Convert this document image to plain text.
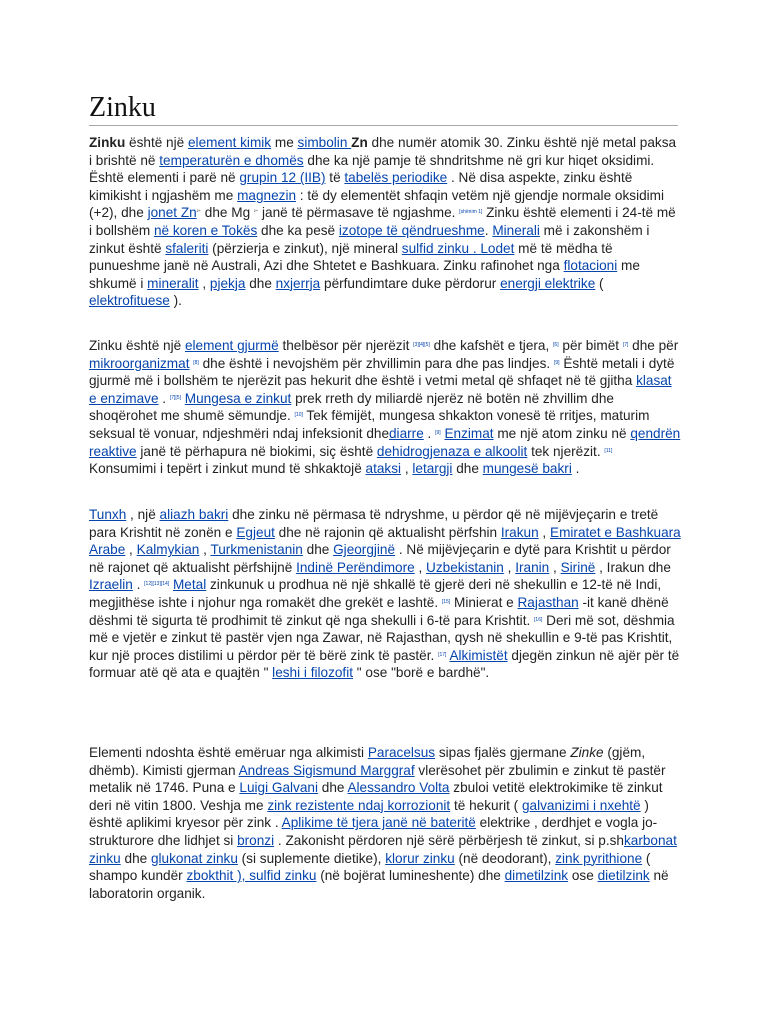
Zinku
Zinku është një element kimik me simbolin Zn dhe numër atomik 30. Zinku është një metal paksa i brishtë në temperaturën e dhomës dhe ka një pamje të shndritshme në gri kur hiqet oksidimi. Është elementi i parë në grupin 12 (IIB) të tabelës periodike . Në disa aspekte, zinku është kimikisht i ngjashëm me magnezin : të dy elementët shfaqin vetëm një gjendje normale oksidimi (+2), dhe jonet $Zn^{^{2+}}$ dhe Mg $^{^{2+}}$ janë të përmasave të ngjashme. [shënim 1] Zinku është elementi i 24-të më i bollshëm në koren e Tokës dhe ka pesë izotope të qëndrueshme. Minerali më i zakonshëm i zinkut është sfaleriti (përzierja e zinkut), një mineral sulfid zinku . Lodet më të mëdha të punueshme janë në Australi, Azi dhe Shtetet e Bashkuara. Zinku rafinohet nga flotacioni me shkumë i mineralit , pjekja dhe nxjerrja përfundimtare duke përdorur energji elektrike ( elektrofituese ).
Zinku është një element gjurmë thelbësor për njerëzit [3][4][5] dhe kafshët e tjera, [6] për bimët [7] dhe për mikroorganizmat [8] dhe është i nevojshëm për zhvillimin para dhe pas lindjes. [9] Është metali i dytë gjurmë më i bollshëm te njerëzit pas hekurit dhe është i vetmi metal që shfaqet në të gjitha klasat e enzimave . [7][5] Mungesa e zinkut prek rreth dy miliardë njerëz në botën në zhvillim dhe shoqërohet me shumë sëmundje. [10] Tek fëmijët, mungesa shkakton vonesë të rritjes, maturim seksual të vonuar, ndjeshmëri ndaj infeksionit dhediarre . [9] Enzimat me një atom zinku në qendrën reaktive janë të përhapura në biokimi, siç është dehidrogjenaza e alkoolit tek njerëzit. [11] Konsumimi i tepërt i zinkut mund të shkaktojë ataksi , letargji dhe mungesë bakri .
Tunxh , një aliazh bakri dhe zinku në përmasa të ndryshme, u përdor që në mijëvjeçarin e tretë para Krishtit në zonën e Egjeut dhe në rajonin që aktualisht përfshin Irakun , Emiratet e Bashkuara Arabe , Kalmykian , Turkmenistanin dhe Gjeorgjinë . Në mijëvjeçarin e dytë para Krishtit u përdor në rajonet që aktualisht përfshijnë Indinë Perëndimore , Uzbekistanin , Iranin , Sirinë , Irakun dhe Izraelin . [12][13][14] Metal zinkunuk u prodhua në një shkallë të gjerë deri në shekullin e 12-të në Indi, megjithëse ishte i njohur nga romakët dhe grekët e lashtë. [15] Minierat e Rajasthan -it kanë dhënë dëshmi të sigurta të prodhimit të zinkut që nga shekulli i 6-të para Krishtit. [16] Deri më sot, dëshmia më e vjetër e zinkut të pastër vjen nga Zawar, në Rajasthan, qysh në shekullin e 9-të pas Krishtit, kur një proces distilimi u përdor për të bërë zink të pastër. [17] Alkimistët djegën zinkun në ajër për të formuar atë që ata e quajtën " leshi i filozofit " ose "borë e bardhë".
Elementi ndoshta është emëruar nga alkimisti Paracelsus sipas fjalës gjermane Zinke (gjëm, dhëmb). Kimisti gjerman Andreas Sigismund Marggraf vlerësohet për zbulimin e zinkut të pastër metalik në 1746. Puna e Luigi Galvani dhe Alessandro Volta zbuloi vetitë elektrokimike të zinkut deri në vitin 1800. Veshja me zink rezistente ndaj korrozionit të hekurit ( galvanizimi i nxehtë ) është aplikimi kryesor për zink . Aplikime të tjera janë në bateritë elektrike , derdhjet e vogla jo-strukturore dhe lidhjet si bronzi . Zakonisht përdoren një sërë përbërjesh të zinkut, si p.shkarbonat zinku dhe glukonat zinku (si suplemente dietike), klorur zinku (në deodorant), zink pyrithione ( shampo kundër zbokthit ), sulfid zinku (në bojërat lumineshente) dhe dimetilzink ose dietilzink në laboratorin organik.
